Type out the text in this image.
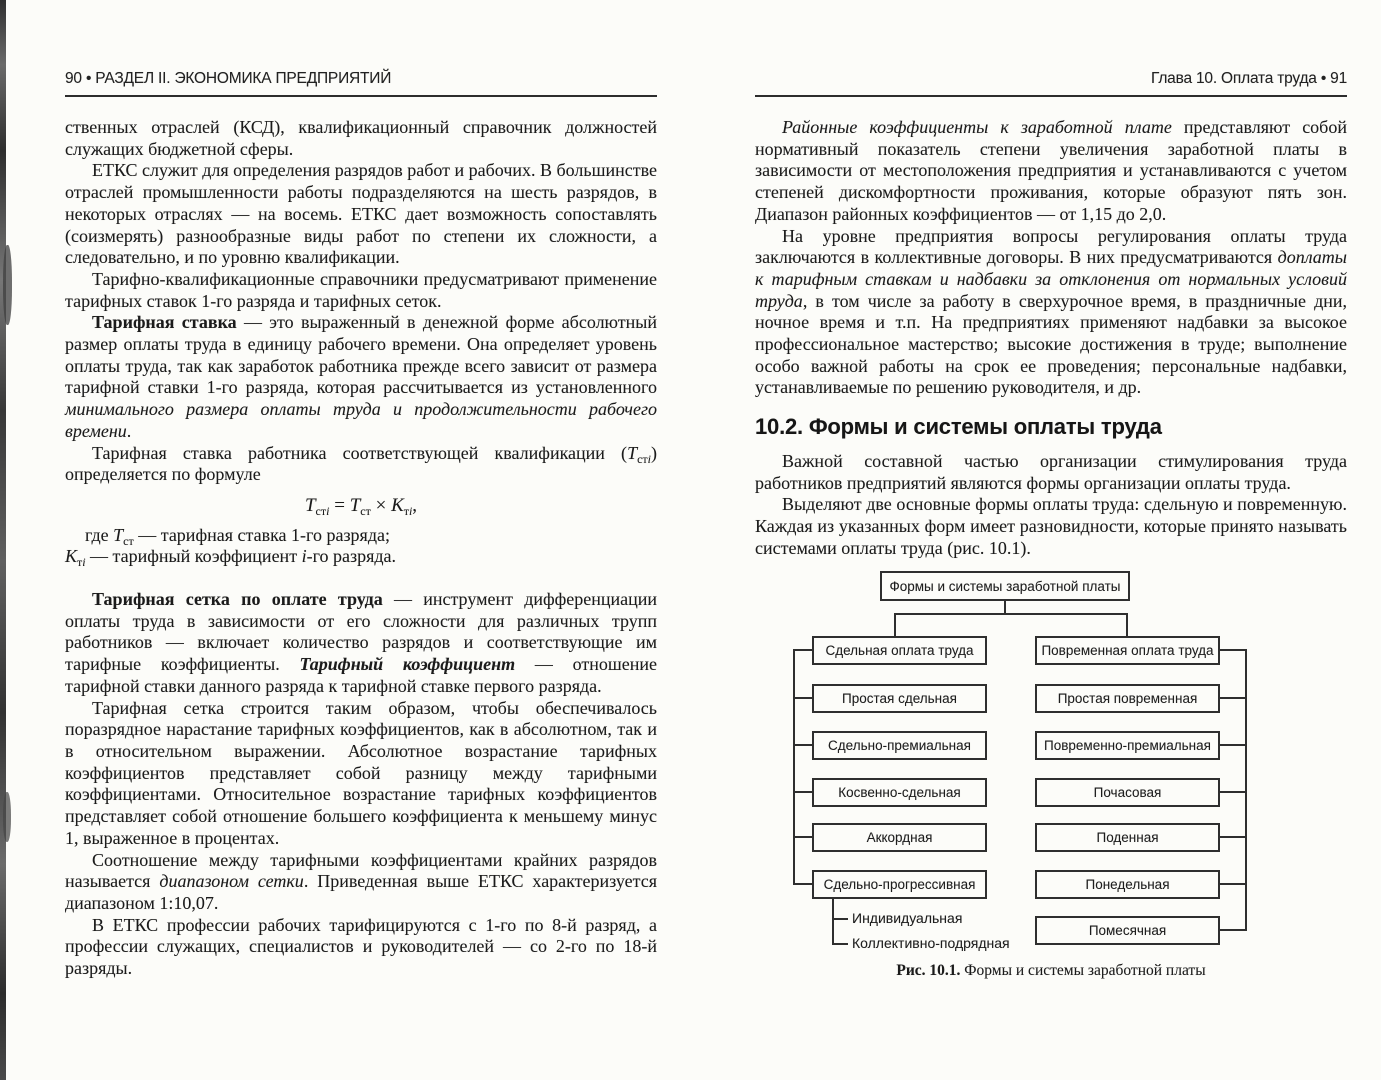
90 • РАЗДЕЛ II. ЭКОНОМИКА ПРЕДПРИЯТИЙ

ственных отраслей (КСД), квалификационный справочник должностей служащих бюджетной сферы.

ЕТКС служит для определения разрядов работ и рабочих. В большинстве отраслей промышленности работы подразделяются на шесть разрядов, в некоторых отраслях — на восемь. ЕТКС дает возможность сопоставлять (соизмерять) разнообразные виды работ по степени их сложности, а следовательно, и по уровню квалификации.

Тарифно-квалификационные справочники предусматривают применение тарифных ставок 1-го разряда и тарифных сеток.

Тарифная ставка — это выраженный в денежной форме абсолютный размер оплаты труда в единицу рабочего времени. Она определяет уровень оплаты труда, так как заработок работника прежде всего зависит от размера тарифной ставки 1-го разряда, которая рассчитывается из установленного минимального размера оплаты труда и продолжительности рабочего времени.

Тарифная ставка работника соответствующей квалификации $(Т_{стi})$ определяется по формуле

$Т_{стi} = Т_{ст} \times К_{тi}$,

где $Т_{ст}$ — тарифная ставка 1-го разряда;

$К_{тi}$ — тарифный коэффициент i-го разряда.

Тарифная сетка по оплате труда — инструмент дифференциации оплаты труда в зависимости от его сложности для различных трупп работников — включает количество разрядов и соответствующие им тарифные коэффициенты. Тарифный коэффициент — отношение тарифной ставки данного разряда к тарифной ставке первого разряда.

Тарифная сетка строится таким образом, чтобы обеспечивалось поразрядное нарастание тарифных коэффициентов, как в абсолютном, так и в относительном выражении. Абсолютное возрастание тарифных коэффициентов представляет собой разницу между тарифными коэффициентами. Относительное возрастание тарифных коэффициентов представляет собой отношение большего коэффициента к меньшему минус 1, выраженное в процентах.

Соотношение между тарифными коэффициентами крайних разрядов называется диапазоном сетки. Приведенная выше ЕТКС характеризуется диапазоном 1:10,07.

В ЕТКС профессии рабочих тарифицируются с 1-го по 8-й разряд, а профессии служащих, специалистов и руководителей — со 2-го по 18-й разряды.

Глава 10. Оплата труда • 91

Районные коэффициенты к заработной плате представляют собой нормативный показатель степени увеличения заработной платы в зависимости от местоположения предприятия и устанавливаются с учетом степеней дискомфортности проживания, которые образуют пять зон. Диапазон районных коэффициентов — от 1,15 до 2,0.

На уровне предприятия вопросы регулирования оплаты труда заключаются в коллективные договоры. В них предусматриваются доплаты к тарифным ставкам и надбавки за отклонения от нормальных условий труда, в том числе за работу в сверхурочное время, в праздничные дни, ночное время и т.п. На предприятиях применяют надбавки за высокое профессиональное мастерство; высокие достижения в труде; выполнение особо важной работы на срок ее проведения; персональные надбавки, устанавливаемые по решению руководителя, и др.

10.2. Формы и системы оплаты труда

Важной составной частью организации стимулирования труда работников предприятий являются формы организации оплаты труда.

Выделяют две основные формы оплаты труда: сдельную и повременную. Каждая из указанных форм имеет разновидности, которые принято называть системами оплаты труда (рис. 10.1).

Формы и системы заработной платы
Сдельная оплата труда
Простая сдельная
Сдельно-премиальная
Косвенно-сдельная
Аккордная
Сдельно-прогрессивная
Повременная оплата труда
Простая повременная
Повременно-премиальная
Почасовая
Поденная
Понедельная
Помесячная
Индивидуальная
Коллективно-подрядная
Рис. 10.1. Формы и системы заработной платы
